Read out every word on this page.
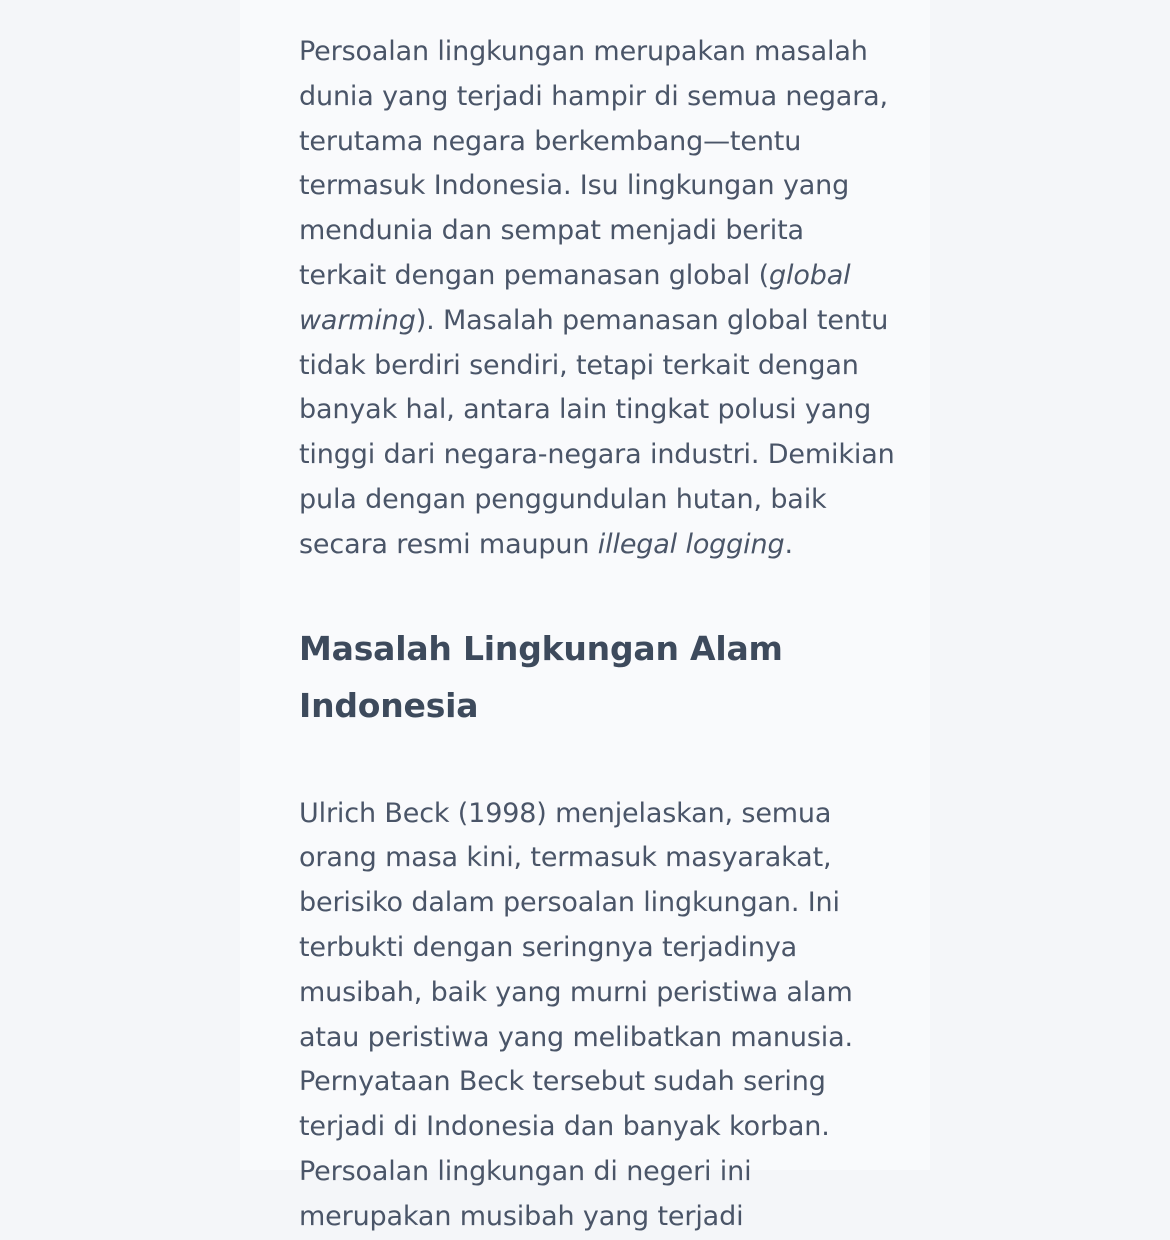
Persoalan lingkungan merupakan masalah dunia yang terjadi hampir di semua negara, terutama negara berkembang—tentu termasuk Indonesia. Isu lingkungan yang mendunia dan sempat menjadi berita terkait dengan pemanasan global (global warming). Masalah pemanasan global tentu tidak berdiri sendiri, tetapi terkait dengan banyak hal, antara lain tingkat polusi yang tinggi dari negara-negara industri. Demikian pula dengan penggundulan hutan, baik secara resmi maupun illegal logging.

Masalah Lingkungan Alam Indonesia

Ulrich Beck (1998) menjelaskan, semua orang masa kini, termasuk masyarakat, berisiko dalam persoalan lingkungan. Ini terbukti dengan seringnya terjadinya musibah, baik yang murni peristiwa alam atau peristiwa yang melibatkan manusia. Pernyataan Beck tersebut sudah sering terjadi di Indonesia dan banyak korban. Persoalan lingkungan di negeri ini merupakan musibah yang terjadi
